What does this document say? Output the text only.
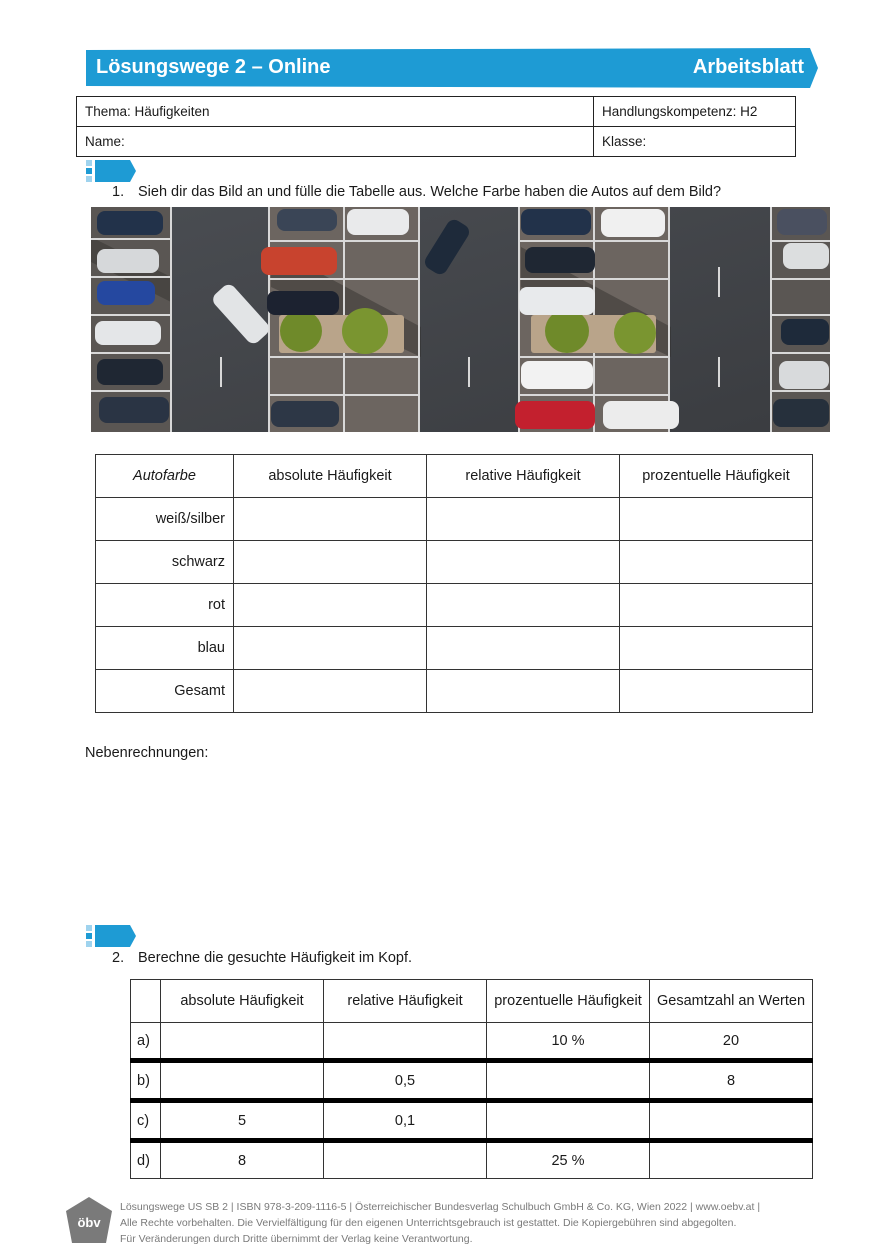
Lösungswege 2 – Online	Arbeitsblatt
Thema: Häufigkeiten	Handlungskompetenz: H2
Name:	Klasse:
1. Sieh dir das Bild an und fülle die Tabelle aus. Welche Farbe haben die Autos auf dem Bild?
Autofarbe	absolute Häufigkeit	relative Häufigkeit	prozentuelle Häufigkeit
weiß/silber			
schwarz			
rot			
blau			
Gesamt			
Nebenrechnungen:
2. Berechne die gesuchte Häufigkeit im Kopf.
	absolute Häufigkeit	relative Häufigkeit	prozentuelle Häufigkeit	Gesamtzahl an Werten
a)			10 %	20
b)		0,5		8
c)	5	0,1		
d)	8		25 %	
öbv
Lösungswege US SB 2 | ISBN 978-3-209-1116-5 | Österreichischer Bundesverlag Schulbuch GmbH & Co. KG, Wien 2022 | www.oebv.at |
Alle Rechte vorbehalten. Die Vervielfältigung für den eigenen Unterrichtsgebrauch ist gestattet. Die Kopiergebühren sind abgegolten.
Für Veränderungen durch Dritte übernimmt der Verlag keine Verantwortung.
